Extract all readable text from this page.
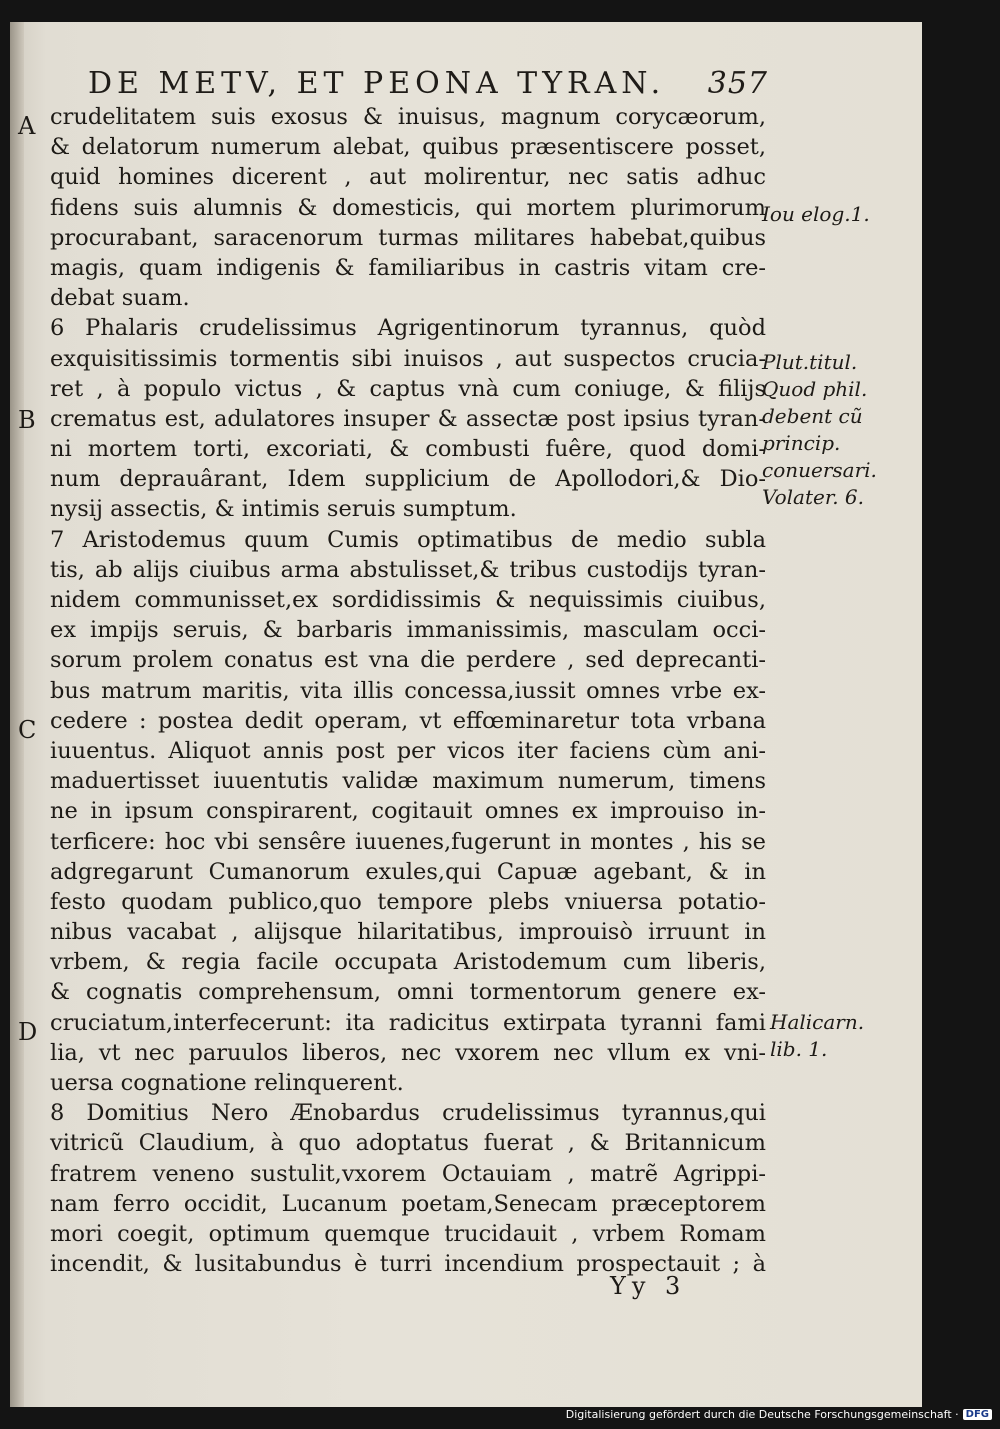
DE METV, ET PEONA TYRAN. 357
A
B
C
D
crudelitatem suis exosus & inuisus, magnum corycæorum,
& delatorum numerum alebat, quibus præsentiscere posset,
quid homines dicerent , aut molirentur, nec satis adhuc
fidens suis alumnis & domesticis, qui mortem plurimorum
procurabant, saracenorum turmas militares habebat,quibus
magis, quam indigenis & familiaribus in castris vitam cre-
debat suam.
6 Phalaris crudelissimus Agrigentinorum tyrannus, quòd
exquisitissimis tormentis sibi inuisos , aut suspectos crucia-
ret , à populo victus , & captus vnà cum coniuge, & filijs
crematus est, adulatores insuper & assectæ post ipsius tyran-
ni mortem torti, excoriati, & combusti fuêre, quod domi-
num deprauârant, Idem supplicium de Apollodori,& Dio-
nysij assectis, & intimis seruis sumptum.
7 Aristodemus quum Cumis optimatibus de medio subla
tis, ab alijs ciuibus arma abstulisset,& tribus custodijs tyran-
nidem communisset,ex sordidissimis & nequissimis ciuibus,
ex impijs seruis, & barbaris immanissimis, masculam occi-
sorum prolem conatus est vna die perdere , sed deprecanti-
bus matrum maritis, vita illis concessa,iussit omnes vrbe ex-
cedere : postea dedit operam, vt effœminaretur tota vrbana
iuuentus. Aliquot annis post per vicos iter faciens cùm ani-
maduertisset iuuentutis validæ maximum numerum, timens
ne in ipsum conspirarent, cogitauit omnes ex improuiso in-
terficere: hoc vbi sensêre iuuenes,fugerunt in montes , his se
adgregarunt Cumanorum exules,qui Capuæ agebant, & in
festo quodam publico,quo tempore plebs vniuersa potatio-
nibus vacabat , alijsque hilaritatibus, improuisò irruunt in
vrbem, & regia facile occupata Aristodemum cum liberis,
& cognatis comprehensum, omni tormentorum genere ex-
cruciatum,interfecerunt: ita radicitus extirpata tyranni fami
lia, vt nec paruulos liberos, nec vxorem nec vllum ex vni-
uersa cognatione relinquerent.
8 Domitius Nero Ænobardus crudelissimus tyrannus,qui
vitricũ Claudium, à quo adoptatus fuerat , & Britannicum
fratrem veneno sustulit,vxorem Octauiam , matrẽ Agrippi-
nam ferro occidit, Lucanum poetam,Senecam præceptorem
mori coegit, optimum quemque trucidauit , vrbem Romam
incendit, & lusitabundus è turri incendium prospectauit ; à
Iou elog.1.
Plut.titul.
Quod phil.
debent cũ
princip.
conuersari.
Volater. 6.
Halicarn.
lib. 1.
Yy 3
Digitalisierung gefördert durch die Deutsche Forschungsgemeinschaft · DFG
